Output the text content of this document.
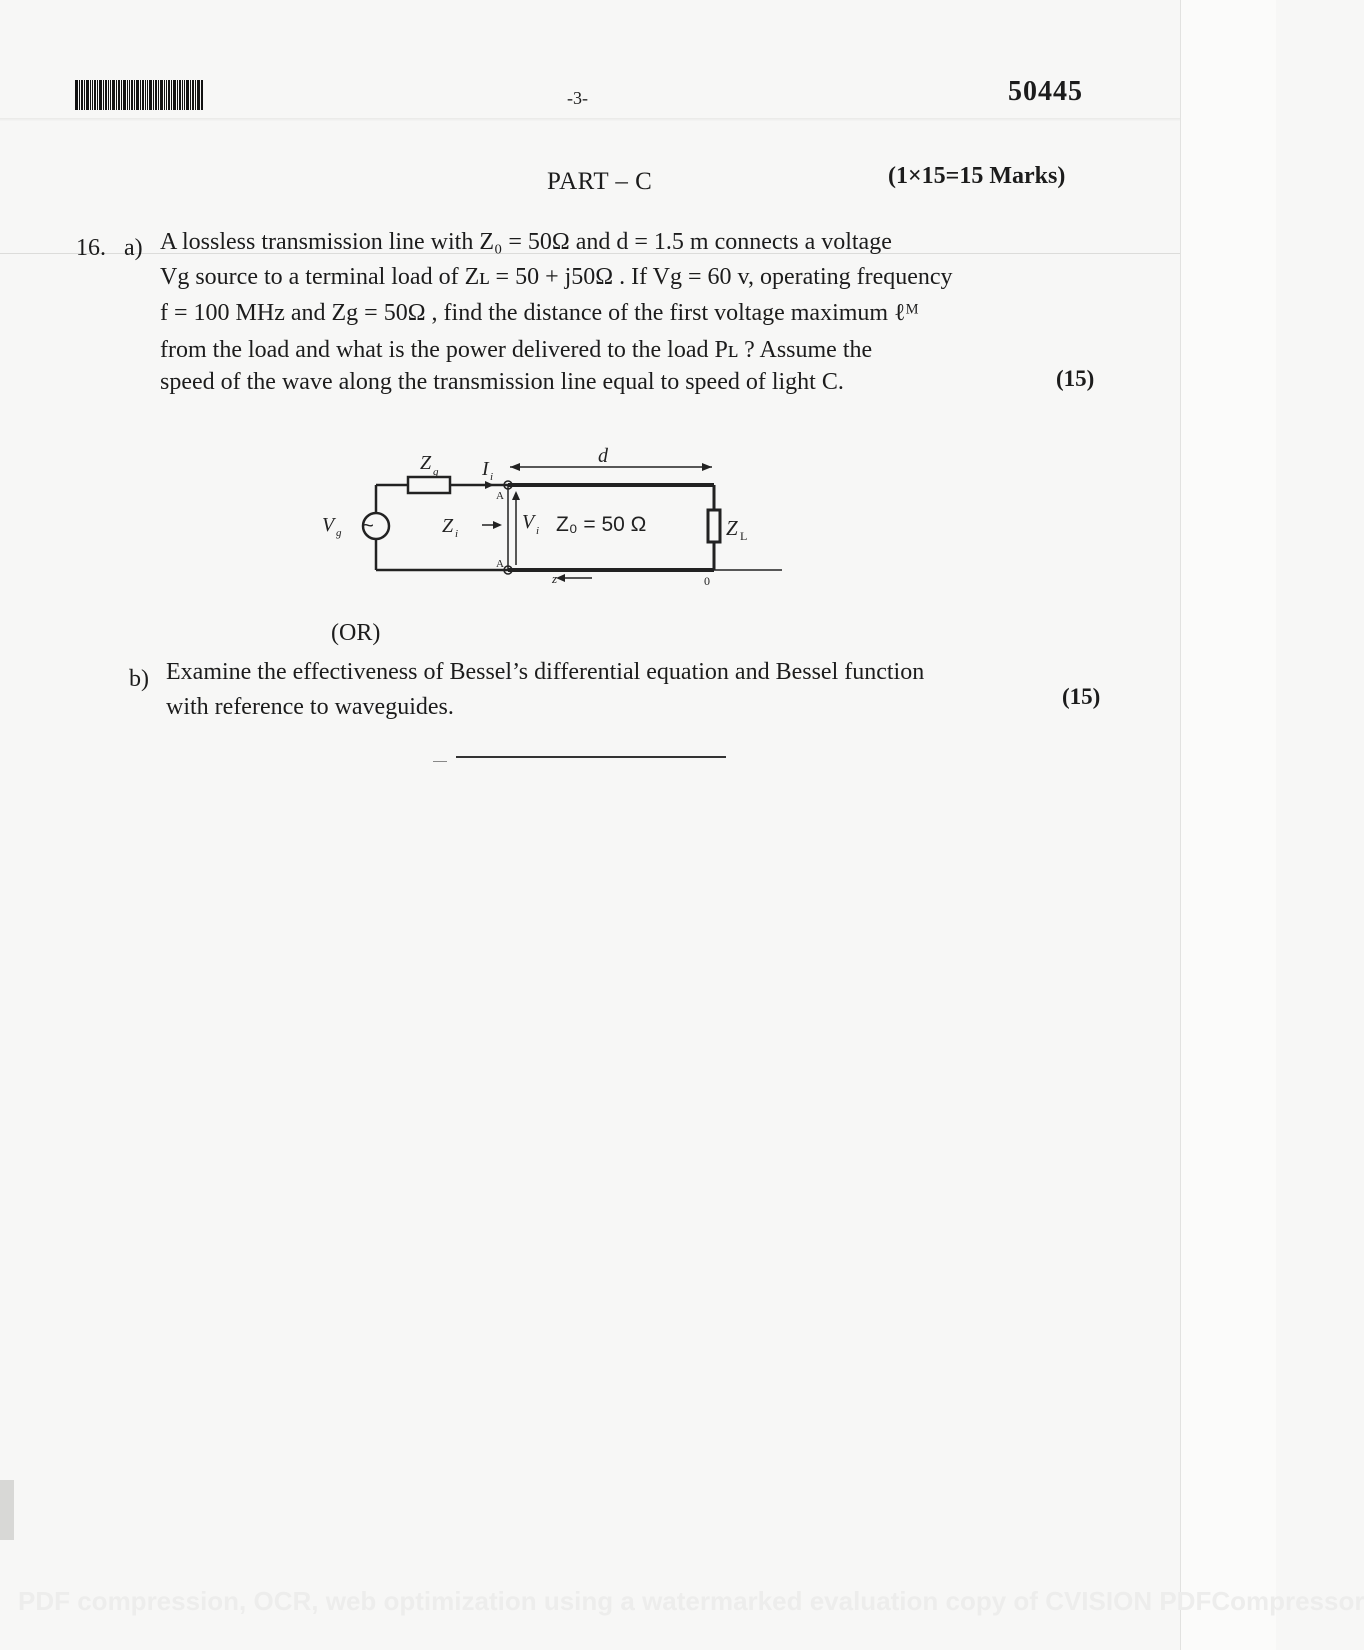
-3-	50445
PART – C	(1×15=15 Marks)
16. a) A lossless transmission line with Z₀ = 50Ω and d = 1.5 m connects a voltage
Vg source to a terminal load of Zʟ = 50 + j50Ω . If Vg = 60 v, operating frequency
f = 100 MHz and Zg = 50Ω , find the distance of the first voltage maximum ℓᴹ
from the load and what is the power delivered to the load Pʟ ? Assume the
speed of the wave along the transmission line equal to speed of light C.	(15)
~
V g
Z g I i
d
Z i
V i Z₀ = 50 Ω	Z L
A
A
z	0
(OR)
b) Examine the effectiveness of Bessel’s differential equation and Bessel function
with reference to waveguides.	(15)
PDF compression, OCR, web optimization using a watermarked evaluation copy of CVISION PDFCompressor
